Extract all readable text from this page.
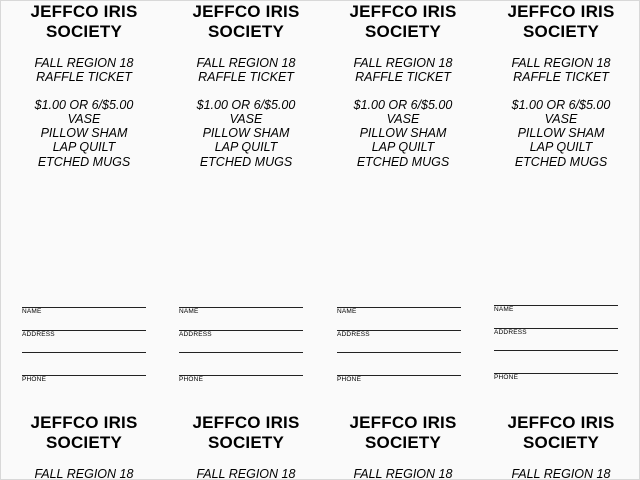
JEFFCO IRIS
SOCIETY
FALL REGION 18
RAFFLE TICKET
$1.00 OR 6/$5.00
VASE
PILLOW SHAM
LAP QUILT
ETCHED MUGS
JEFFCO IRIS
SOCIETY
FALL REGION 18
RAFFLE TICKET
$1.00 OR 6/$5.00
VASE
PILLOW SHAM
LAP QUILT
ETCHED MUGS
JEFFCO IRIS
SOCIETY
FALL REGION 18
RAFFLE TICKET
$1.00 OR 6/$5.00
VASE
PILLOW SHAM
LAP QUILT
ETCHED MUGS
JEFFCO IRIS
SOCIETY
FALL REGION 18
RAFFLE TICKET
$1.00 OR 6/$5.00
VASE
PILLOW SHAM
LAP QUILT
ETCHED MUGS
NAME
ADDRESS
PHONE
NAME
ADDRESS
PHONE
NAME
ADDRESS
PHONE
NAME
ADDRESS
PHONE
JEFFCO IRIS
SOCIETY
FALL REGION 18
JEFFCO IRIS
SOCIETY
FALL REGION 18
JEFFCO IRIS
SOCIETY
FALL REGION 18
JEFFCO IRIS
SOCIETY
FALL REGION 18
